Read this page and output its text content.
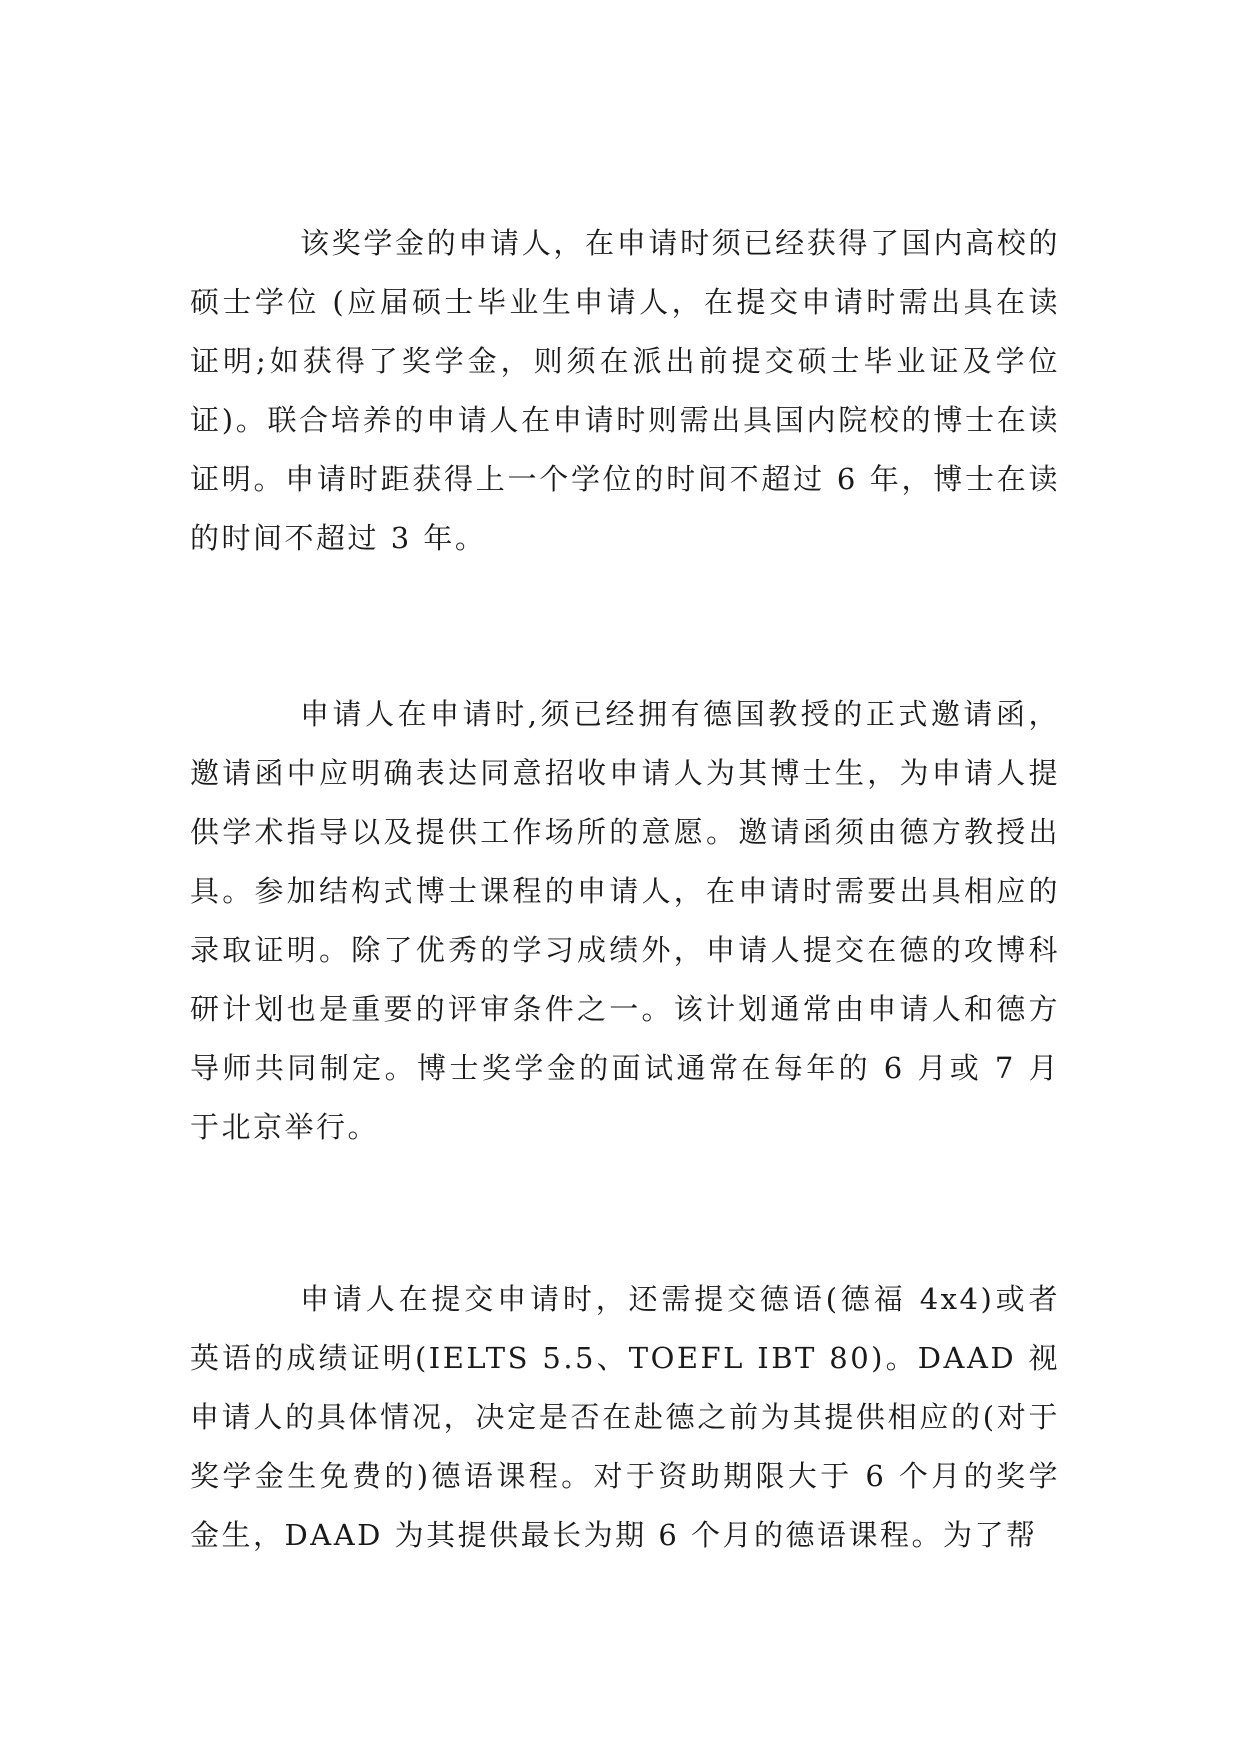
该奖学金的申请人，在申请时须已经获得了国内高校的硕士学位 (应届硕士毕业生申请人，在提交申请时需出具在读证明;如获得了奖学金，则须在派出前提交硕士毕业证及学位证)。联合培养的申请人在申请时则需出具国内院校的博士在读证明。申请时距获得上一个学位的时间不超过 6 年，博士在读的时间不超过 3 年。

申请人在申请时,须已经拥有德国教授的正式邀请函，邀请函中应明确表达同意招收申请人为其博士生，为申请人提供学术指导以及提供工作场所的意愿。邀请函须由德方教授出具。参加结构式博士课程的申请人，在申请时需要出具相应的录取证明。除了优秀的学习成绩外，申请人提交在德的攻博科研计划也是重要的评审条件之一。该计划通常由申请人和德方导师共同制定。博士奖学金的面试通常在每年的 6 月或 7 月于北京举行。

申请人在提交申请时，还需提交德语(德福 4x4)或者英语的成绩证明(IELTS 5.5、TOEFL IBT 80)。DAAD 视申请人的具体情况，决定是否在赴德之前为其提供相应的(对于奖学金生免费的)德语课程。对于资助期限大于 6 个月的奖学金生，DAAD 为其提供最长为期 6 个月的德语课程。为了帮
